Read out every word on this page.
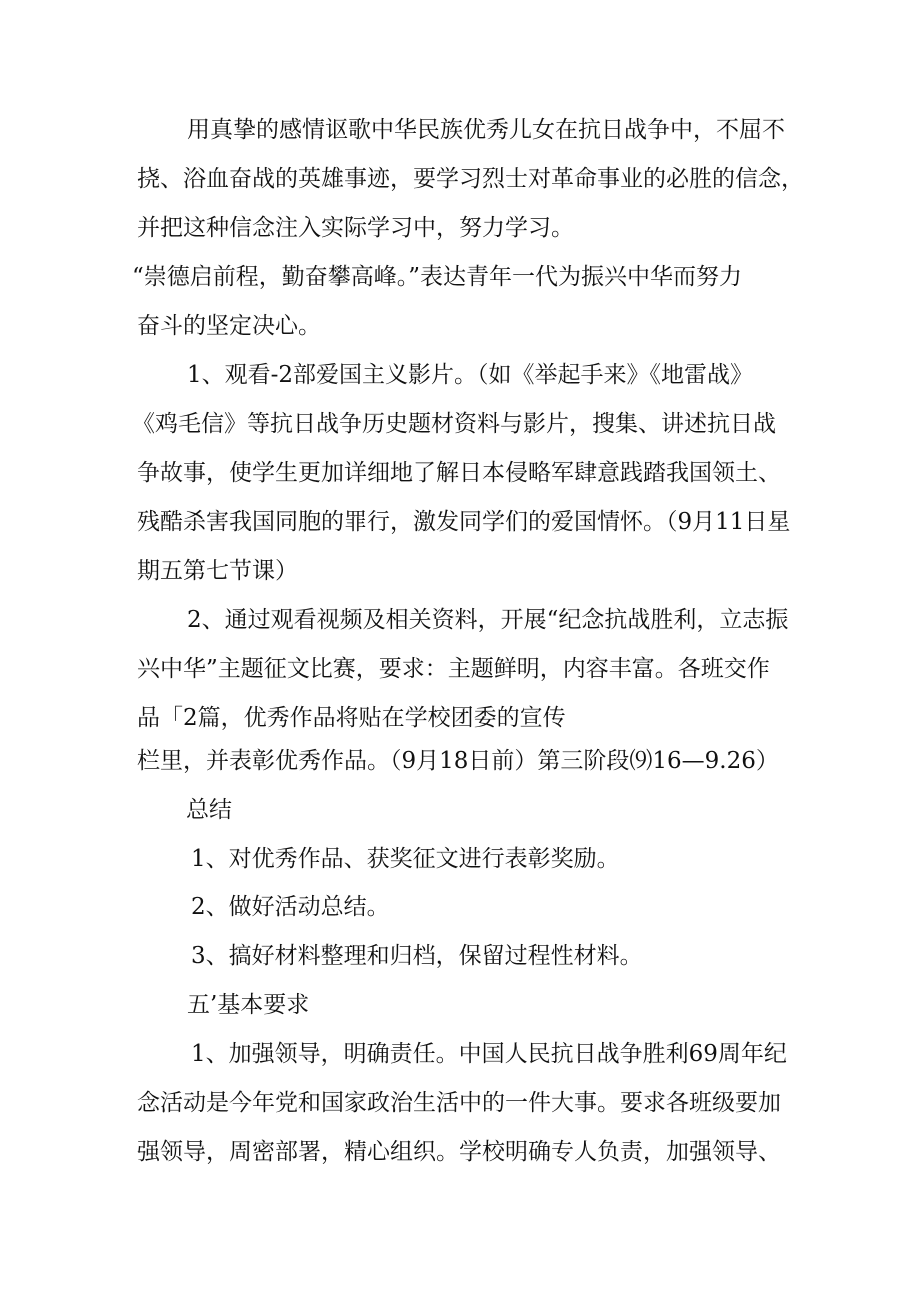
用真挚的感情讴歌中华民族优秀儿女在抗日战争中，不屈不
挠、浴血奋战的英雄事迹，要学习烈士对革命事业的必胜的信念，
并把这种信念注入实际学习中，努力学习。
“崇德启前程，勤奋攀高峰。”表达青年一代为振兴中华而努力
奋斗的坚定决心。
1、观看-2部爱国主义影片。（如《举起手来》《地雷战》
《鸡毛信》等抗日战争历史题材资料与影片，搜集、讲述抗日战
争故事，使学生更加详细地了解日本侵略军肆意践踏我国领土、
残酷杀害我国同胞的罪行，激发同学们的爱国情怀。（9月11日星
期五第七节课）
2、通过观看视频及相关资料，开展“纪念抗战胜利，立志振
兴中华”主题征文比赛，要求：主题鲜明，内容丰富。各班交作
品「2篇，优秀作品将贴在学校团委的宣传
栏里，并表彰优秀作品。（9月18日前）第三阶段⑼16—9.26）
总结
1、对优秀作品、获奖征文进行表彰奖励。
2、做好活动总结。
3、搞好材料整理和归档，保留过程性材料。
五’基本要求
1、加强领导，明确责任。中国人民抗日战争胜利69周年纪
念活动是今年党和国家政治生活中的一件大事。要求各班级要加
强领导，周密部署，精心组织。学校明确专人负责，加强领导、
